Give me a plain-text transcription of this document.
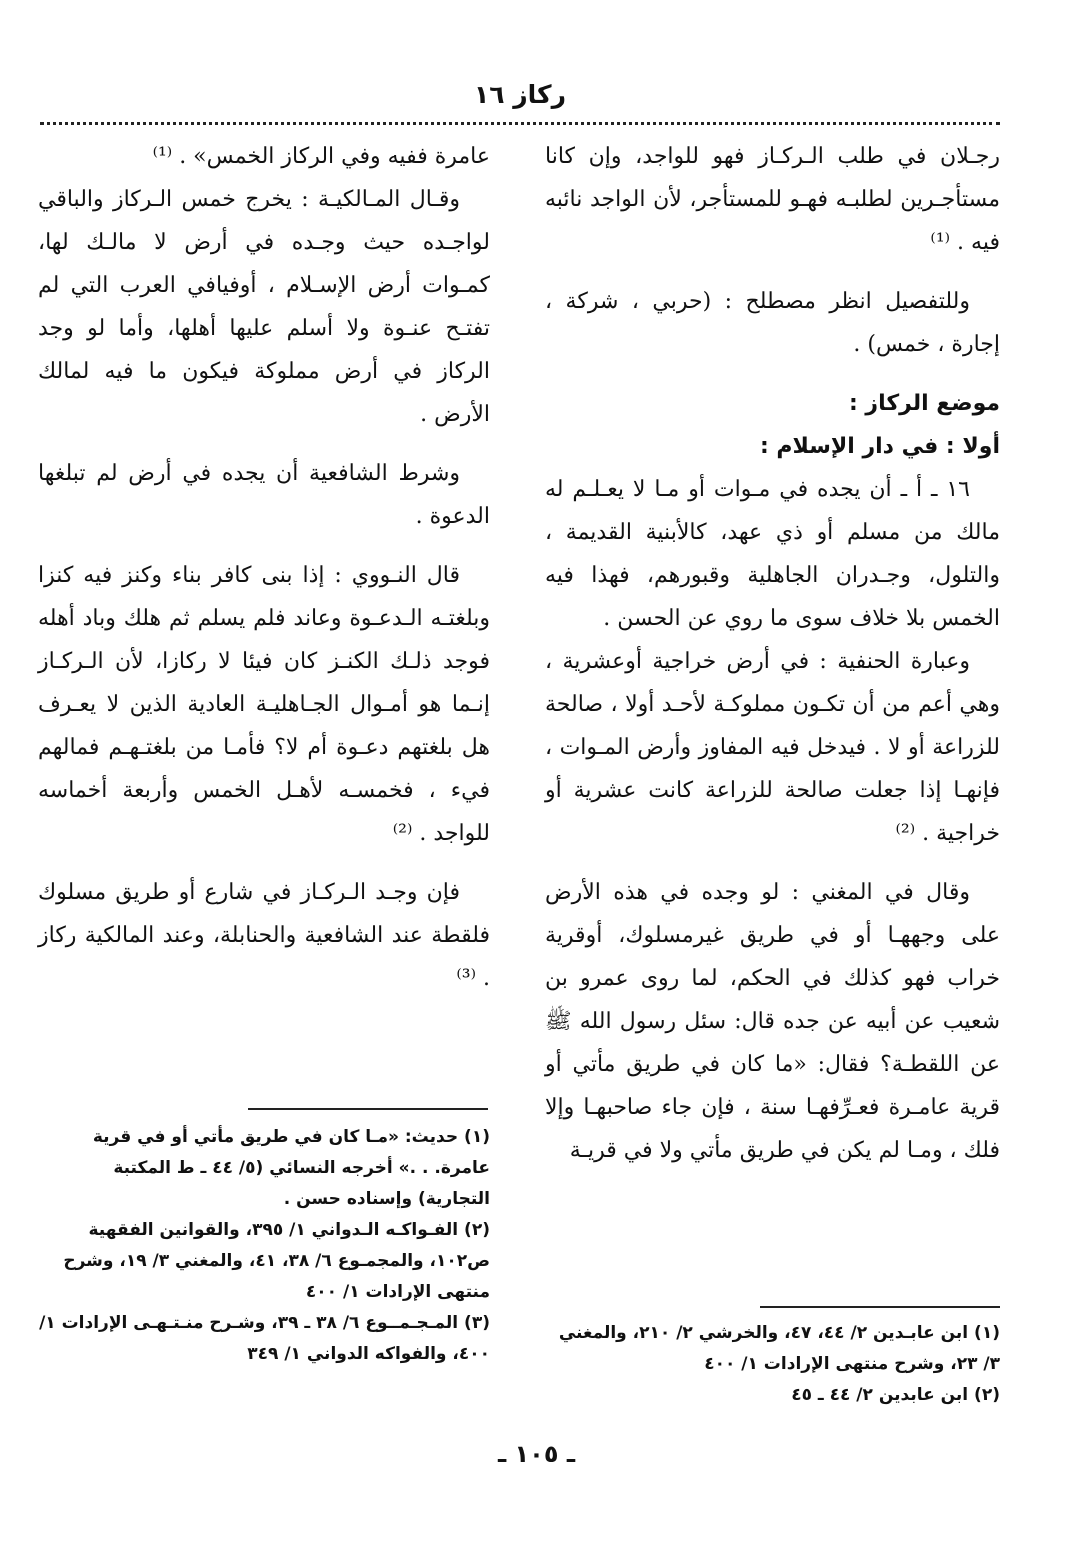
ركاز ١٦

رجـلان في طلب الـركـاز فهو للواجد، وإن كانا مستأجـرين لطلبـه فهـو للمستأجر، لأن الواجد نائبه فيه . ⁽¹⁾

وللتفصيل انظر مصطلح : (حربي ، شركة ، إجارة ، خمس) .

موضع الركاز :

أولا : في دار الإسلام :

١٦ ـ أ ـ أن يجده في مـوات أو مـا لا يعـلـم له مالك من مسلم أو ذي عهد، كالأبنية القديمة ، والتلول، وجـدران الجاهلية وقبورهم، فهذا فيه الخمس بلا خلاف سوى ما روي عن الحسن .

وعبارة الحنفية : في أرض خراجية أوعشرية ، وهي أعم من أن تكـون مملوكـة لأحـد أولا ، صالحة للزراعة أو لا . فيدخل فيه المفاوز وأرض المـوات ، فإنهـا إذا جعلت صالحة للزراعة كانت عشرية أو خراجية . ⁽²⁾

وقال في المغني : لو وجده في هذه الأرض على وجههـا أو في طريق غيرمسلوك، أوقرية خراب فهو كذلك في الحكم، لما روى عمرو بن شعيب عن أبيه عن جده قال: سئل رسول الله ﷺ عن اللقطـة؟ فقال: «ما كان في طريق مأتي أو قرية عامـرة فعـرِّفهـا سنة ، فإن جاء صاحبهـا وإلا فلك ، ومـا لم يكن في طريق مأتي ولا في قريـة

عامرة ففيه وفي الركاز الخمس» . ⁽¹⁾

وقـال المـالكيـة : يخرج خمس الـركاز والباقي لواجـده حيث وجـده في أرض لا مالـك لها، كمـوات أرض الإسـلام ، أوفيافي العرب التي لم تفتـح عنـوة ولا أسلم عليها أهلها، وأما لو وجد الركاز في أرض مملوكة فيكون ما فيه لمالك الأرض .

وشرط الشافعية أن يجده في أرض لم تبلغها الدعوة .

قال النـووي : إذا بنى كافر بناء وكنز فيه كنزا وبلغتـه الـدعـوة وعاند فلم يسلم ثم هلك وباد أهله فوجد ذلـك الكنـز كان فيئا لا ركازا، لأن الـركـاز إنـما هو أمـوال الجـاهليـة العادية الذين لا يعـرف هل بلغتهم دعـوة أم لا؟ فأمـا من بلغتـهـم فمالهم فيء ، فخمسـه لأهـل الخمس وأربعة أخماسه للواجد . ⁽²⁾

فإن وجـد الـركـاز في شارع أو طريق مسلوك فلقطة عند الشافعية والحنابلة، وعند المالكية ركاز . ⁽³⁾

(١) حديث: «مـا كان في طريق مأتي أو في قرية عامرة. . .» أخرجه النسائي (٥/ ٤٤ ـ ط المكتبة التجارية) وإسناده حسن .

(٢) الفـواكـه الـدواني ١/ ٣٩٥، والقوانين الفقهية ص١٠٢، والمجمـوع ٦/ ٣٨، ٤١، والمغني ٣/ ١٩، وشرح منتهى الإرادات ١/ ٤٠٠

(٣) المـجـمــوع ٦/ ٣٨ ـ ٣٩، وشـرح منـتـهـى الإرادات ١/ ٤٠٠، والفواكه الدواني ١/ ٣٤٩

(١) ابن عابـدين ٢/ ٤٤، ٤٧، والخرشي ٢/ ٢١٠، والمغني ٣/ ٢٣، وشرح منتهى الإرادات ١/ ٤٠٠

(٢) ابن عابدين ٢/ ٤٤ ـ ٤٥

ـ ١٠٥ ـ
